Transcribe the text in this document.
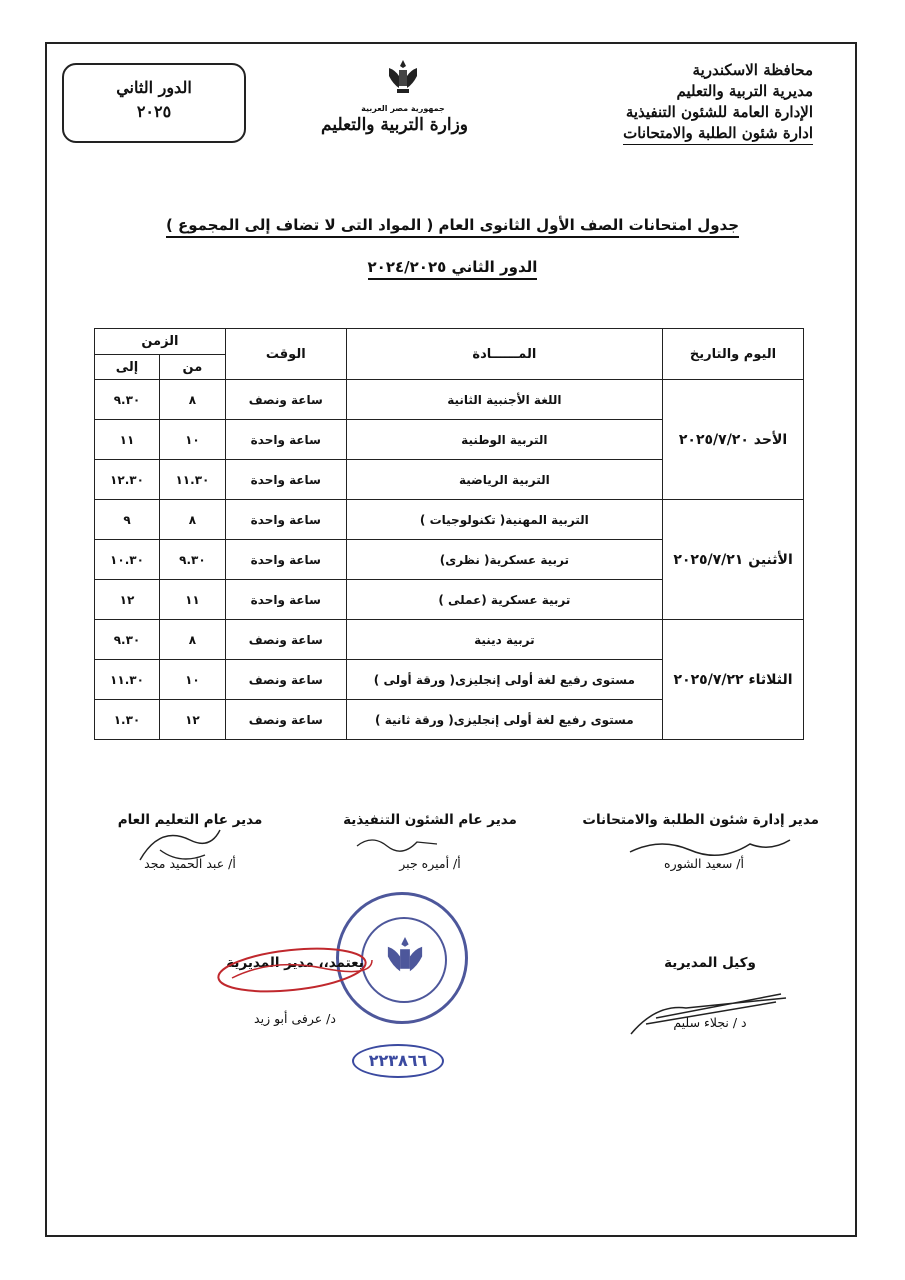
محافظة الاسكندرية
مديرية التربية والتعليم
الإدارة العامة للشئون التنفيذية
ادارة شئون الطلبة والامتحانات
جمهورية مصر العربية
وزارة التربية والتعليم
الدور الثاني
٢٠٢٥
جدول امتحانات الصف الأول الثانوى العام ( المواد التى لا تضاف إلى المجموع )
الدور الثاني ٢٠٢٤/٢٠٢٥
اليوم والتاريخ	المــــــادة	الوقت	الزمن	
			من	إلى
الأحد ٢٠٢٥/٧/٢٠	اللغة الأجنبية الثانية	ساعة ونصف	٨	٩.٣٠
	التربية الوطنية	ساعة واحدة	١٠	١١
	التربية الرياضية	ساعة واحدة	١١.٣٠	١٢.٣٠
الأثنين ٢٠٢٥/٧/٢١	التربية المهنية( تكنولوجيات )	ساعة واحدة	٨	٩
	تربية عسكرية( نظرى)	ساعة واحدة	٩.٣٠	١٠.٣٠
	تربية عسكرية (عملى )	ساعة واحدة	١١	١٢
الثلاثاء ٢٠٢٥/٧/٢٢	تربية دينية	ساعة ونصف	٨	٩.٣٠
	مستوى رفيع لغة أولى إنجليزى( ورقة أولى )	ساعة ونصف	١٠	١١.٣٠
	مستوى رفيع لغة أولى إنجليزى( ورقة ثانية )	ساعة ونصف	١٢	١.٣٠
مدير إدارة شئون الطلبة والامتحانات
أ/ سعيد الشوره
مدير عام الشئون التنفيذية
أ/ أميره جبر
مدير عام التعليم العام
أ/ عبد الحميد مجد
وكيل المديرية
د / نجلاء سليم
يعتمد،، مدير المديرية
د/ عرفى أبو زيد
٢٢٣٨٦٦
